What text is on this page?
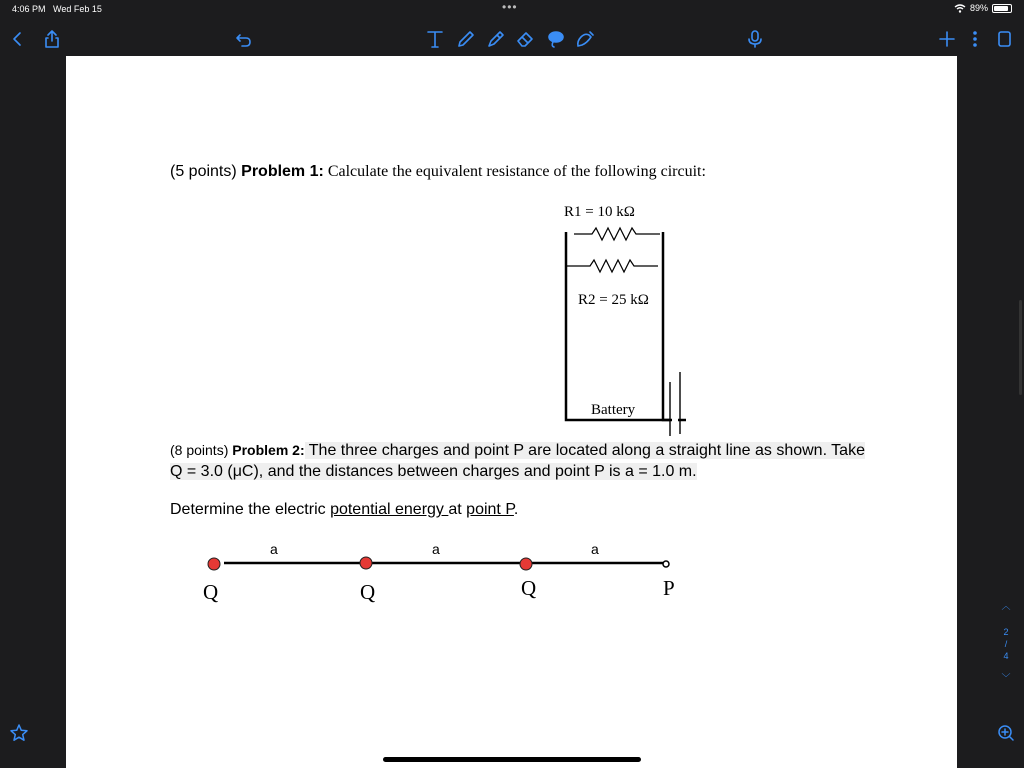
4:06 PM Wed Feb 15	•••	89%
(5 points) Problem 1: Calculate the equivalent resistance of the following circuit:
R1 = 10 kΩ
R2 = 25 kΩ
Battery
(8 points) Problem 2: The three charges and point P are located along a straight line as shown. Take Q = 3.0 (μC), and the distances between charges and point P is a = 1.0 m.
Determine the electric potential energy at point P.
a	a	a
Q	Q	Q	P
︿
2
/
4
﹀
